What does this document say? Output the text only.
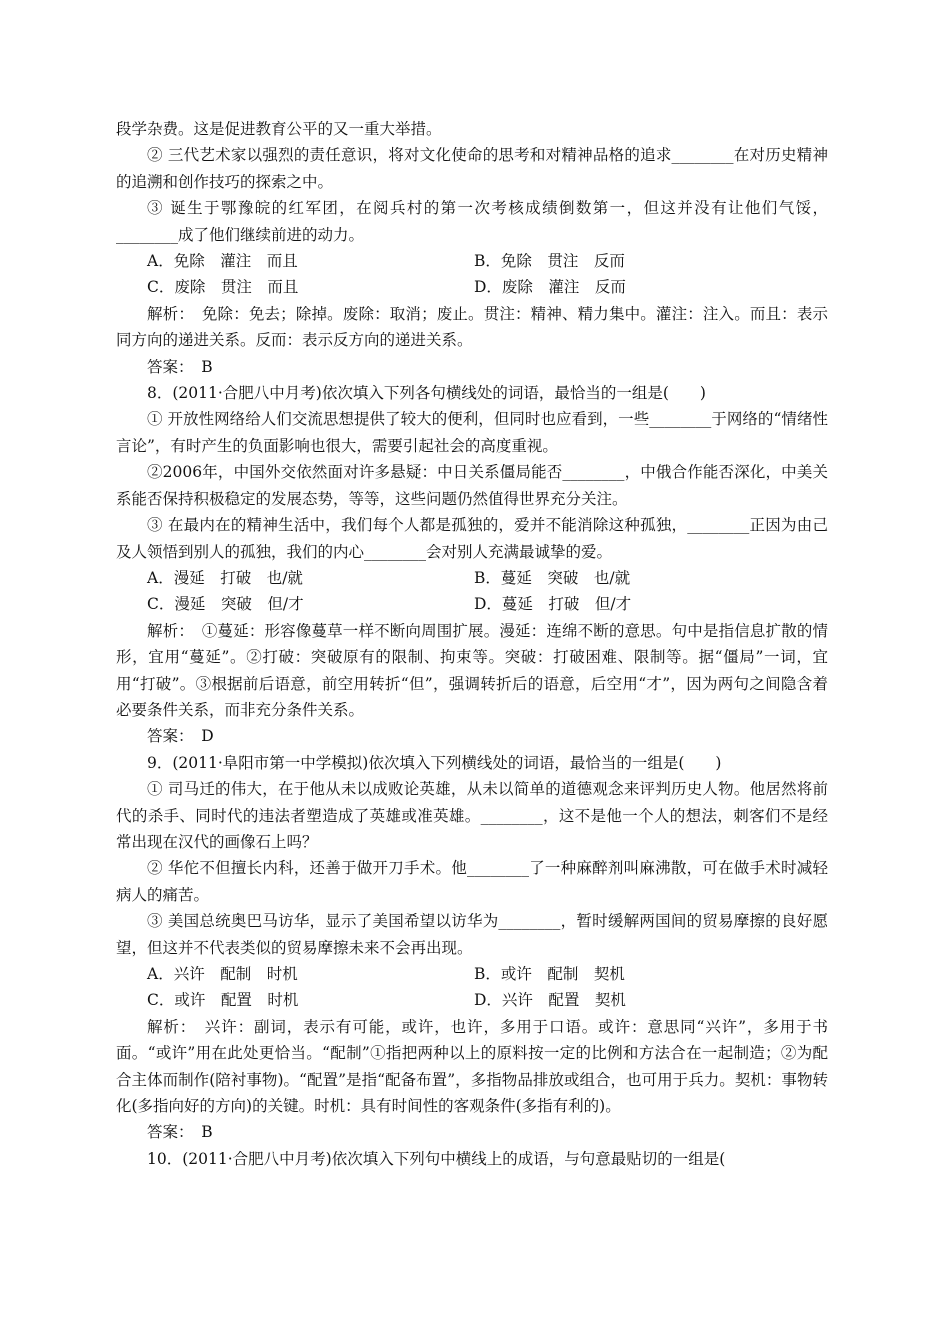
段学杂费。这是促进教育公平的又一重大举措。

② 三代艺术家以强烈的责任意识，将对文化使命的思考和对精神品格的追求________在对历史精神的追溯和创作技巧的探索之中。

③ 诞生于鄂豫皖的红军团，在阅兵村的第一次考核成绩倒数第一，但这并没有让他们气馁，________成了他们继续前进的动力。

A．免除　灌注　而且	B．免除　贯注　反而
C．废除　贯注　而且	D．废除　灌注　反而

解析：　免除：免去；除掉。废除：取消；废止。贯注：精神、精力集中。灌注：注入。而且：表示同方向的递进关系。反而：表示反方向的递进关系。

答案：　B

8．(2011·合肥八中月考)依次填入下列各句横线处的词语，最恰当的一组是(　　)

① 开放性网络给人们交流思想提供了较大的便利，但同时也应看到，一些________于网络的“情绪性言论”，有时产生的负面影响也很大，需要引起社会的高度重视。

②2006年，中国外交依然面对许多悬疑：中日关系僵局能否________，中俄合作能否深化，中美关系能否保持积极稳定的发展态势，等等，这些问题仍然值得世界充分关注。

③ 在最内在的精神生活中，我们每个人都是孤独的，爱并不能消除这种孤独，________正因为由己及人领悟到别人的孤独，我们的内心________会对别人充满最诚挚的爱。

A．漫延　打破　也/就	B．蔓延　突破　也/就
C．漫延　突破　但/才	D．蔓延　打破　但/才

解析：　①蔓延：形容像蔓草一样不断向周围扩展。漫延：连绵不断的意思。句中是指信息扩散的情形，宜用“蔓延”。②打破：突破原有的限制、拘束等。突破：打破困难、限制等。据“僵局”一词，宜用“打破”。③根据前后语意，前空用转折“但”，强调转折后的语意，后空用“才”，因为两句之间隐含着必要条件关系，而非充分条件关系。

答案：　D

9．(2011·阜阳市第一中学模拟)依次填入下列横线处的词语，最恰当的一组是(　　)

① 司马迁的伟大，在于他从未以成败论英雄，从未以简单的道德观念来评判历史人物。他居然将前代的杀手、同时代的违法者塑造成了英雄或准英雄。________，这不是他一个人的想法，刺客们不是经常出现在汉代的画像石上吗？

② 华佗不但擅长内科，还善于做开刀手术。他________了一种麻醉剂叫麻沸散，可在做手术时减轻病人的痛苦。

③ 美国总统奥巴马访华，显示了美国希望以访华为________，暂时缓解两国间的贸易摩擦的良好愿望，但这并不代表类似的贸易摩擦未来不会再出现。

A．兴许　配制　时机	B．或许　配制　契机
C．或许　配置　时机	D．兴许　配置　契机

解析：　兴许：副词，表示有可能，或许，也许，多用于口语。或许：意思同“兴许”，多用于书面。“或许”用在此处更恰当。“配制”①指把两种以上的原料按一定的比例和方法合在一起制造；②为配合主体而制作(陪衬事物)。“配置”是指“配备布置”，多指物品排放或组合，也可用于兵力。契机：事物转化(多指向好的方向)的关键。时机：具有时间性的客观条件(多指有利的)。

答案：　B

10．(2011·合肥八中月考)依次填入下列句中横线上的成语，与句意最贴切的一组是(
